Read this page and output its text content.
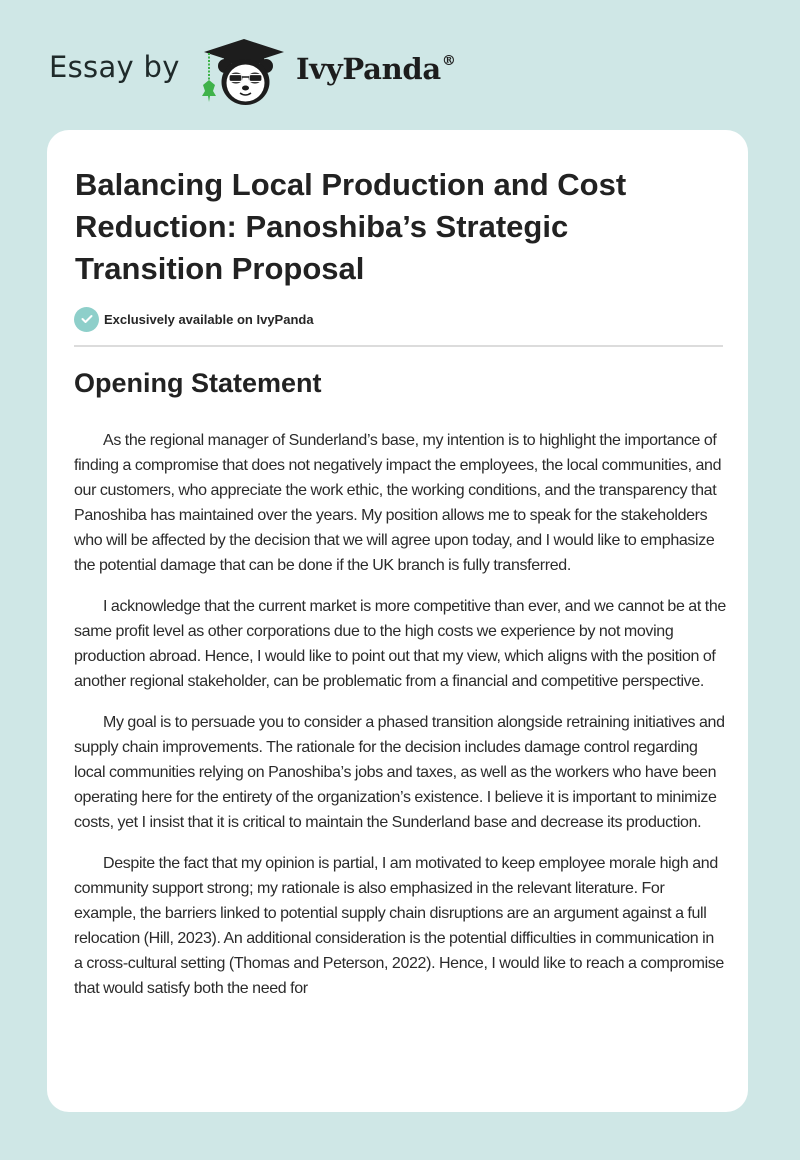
Essay by	IvyPanda®
Balancing Local Production and Cost Reduction: Panoshiba’s Strategic Transition Proposal
Exclusively available on IvyPanda
Opening Statement

As the regional manager of Sunderland’s base, my intention is to highlight the importance of finding a compromise that does not negatively impact the employees, the local communities, and our customers, who appreciate the work ethic, the working conditions, and the transparency that Panoshiba has maintained over the years. My position allows me to speak for the stakeholders who will be affected by the decision that we will agree upon today, and I would like to emphasize the potential damage that can be done if the UK branch is fully transferred.

I acknowledge that the current market is more competitive than ever, and we cannot be at the same profit level as other corporations due to the high costs we experience by not moving production abroad. Hence, I would like to point out that my view, which aligns with the position of another regional stakeholder, can be problematic from a financial and competitive perspective.

My goal is to persuade you to consider a phased transition alongside retraining initiatives and supply chain improvements. The rationale for the decision includes damage control regarding local communities relying on Panoshiba’s jobs and taxes, as well as the workers who have been operating here for the entirety of the organization’s existence. I believe it is important to minimize costs, yet I insist that it is critical to maintain the Sunderland base and decrease its production.

Despite the fact that my opinion is partial, I am motivated to keep employee morale high and community support strong; my rationale is also emphasized in the relevant literature. For example, the barriers linked to potential supply chain disruptions are an argument against a full relocation (Hill, 2023). An additional consideration is the potential difficulties in communication in a cross-cultural setting (Thomas and Peterson, 2022). Hence, I would like to reach a compromise that would satisfy both the need for
